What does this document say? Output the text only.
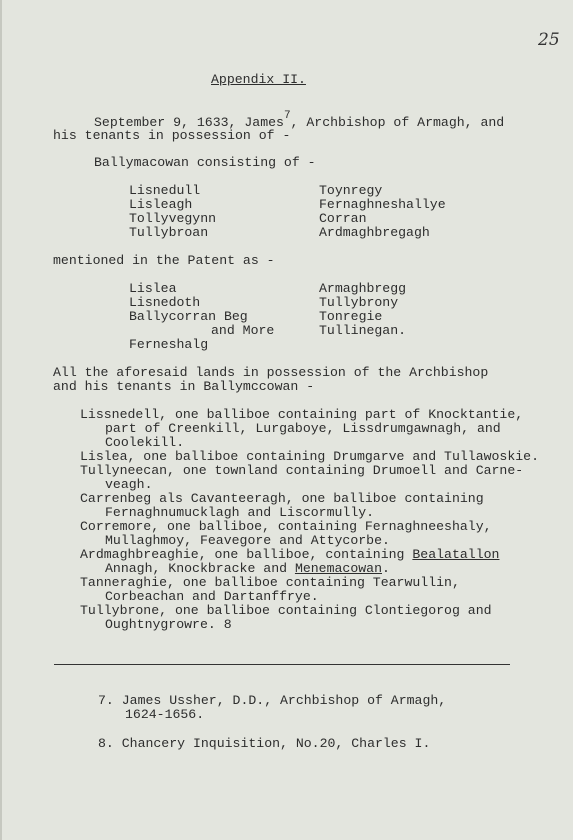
25
Appendix II.
September 9, 1633, James$^7$, Archbishop of Armagh, and
his tenants in possession of -
Ballymacowan consisting of -
Lisnedull
Lisleagh
Tollyvegynn
Tullybroan
Toynregy
Fernaghneshallye
Corran
Ardmaghbregagh
mentioned in the Patent as -
Lislea
Lisnedoth
Ballycorran Beg
and More
Ferneshalg
Armaghbregg
Tullybrony
Tonregie
Tullinegan.
All the aforesaid lands in possession of the Archbishop
and his tenants in Ballymccowan -
Lissnedell, one balliboe containing part of Knocktantie,
part of Creenkill, Lurgaboye, Lissdrumgawnagh, and
Coolekill.
Lislea, one balliboe containing Drumgarve and Tullawoskie.
Tullyneecan, one townland containing Drumoell and Carne-
veagh.
Carrenbeg als Cavanteeragh, one balliboe containing
Fernaghnumucklagh and Liscormully.
Corremore, one balliboe, containing Fernaghneeshaly,
Mullaghmoy, Feavegore and Attycorbe.
Ardmaghbreaghie, one balliboe, containing Bealatallon
Annagh, Knockbracke and Menemacowan.
Tanneraghie, one balliboe containing Tearwullin,
Corbeachan and Dartanffrye.
Tullybrone, one balliboe containing Clontiegorog and
Oughtnygrowre. 8
7. James Ussher, D.D., Archbishop of Armagh,
1624-1656.
8. Chancery Inquisition, No.20, Charles I.
